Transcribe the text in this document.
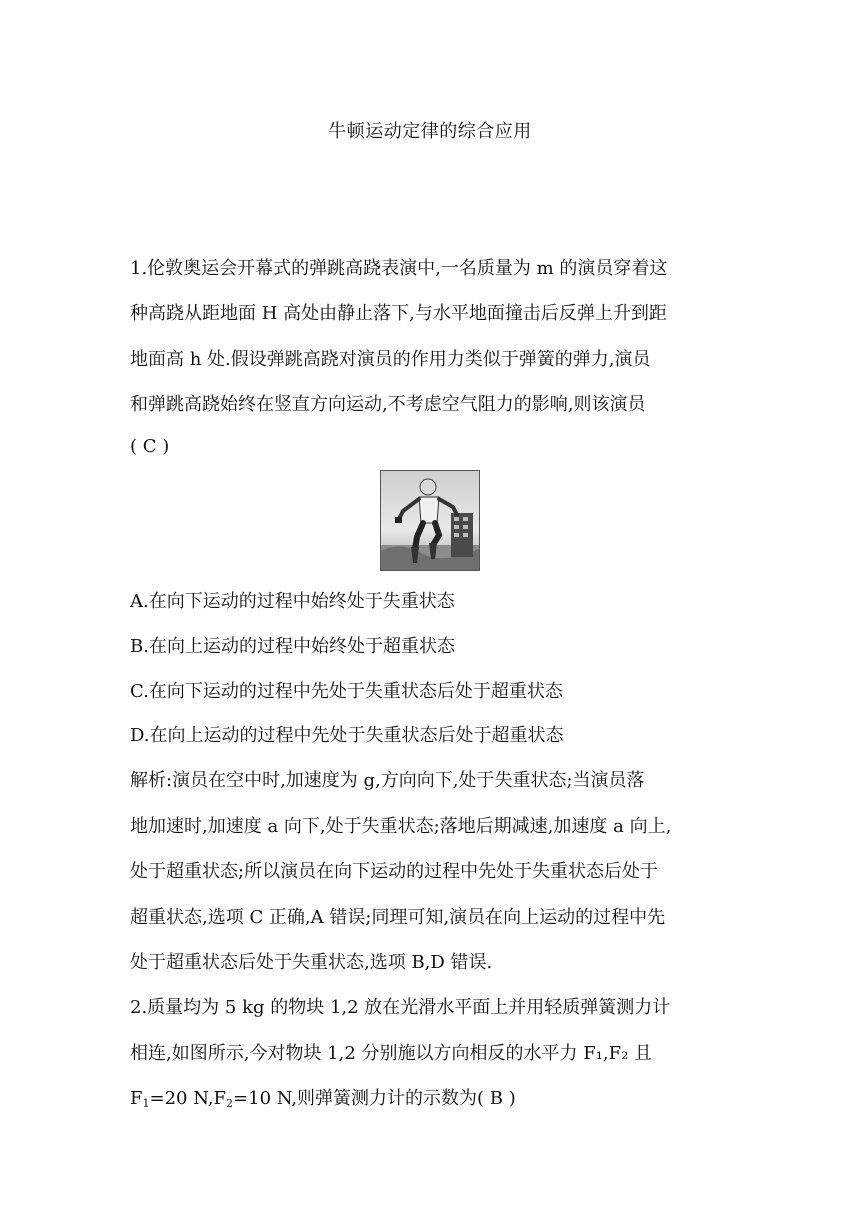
牛顿运动定律的综合应用
1.伦敦奥运会开幕式的弹跳高跷表演中,一名质量为 m 的演员穿着这
种高跷从距地面 H 高处由静止落下,与水平地面撞击后反弹上升到距
地面高 h 处.假设弹跳高跷对演员的作用力类似于弹簧的弹力,演员
和弹跳高跷始终在竖直方向运动,不考虑空气阻力的影响,则该演员
( C )
A.在向下运动的过程中始终处于失重状态
B.在向上运动的过程中始终处于超重状态
C.在向下运动的过程中先处于失重状态后处于超重状态
D.在向上运动的过程中先处于失重状态后处于超重状态
解析:演员在空中时,加速度为 g,方向向下,处于失重状态;当演员落
地加速时,加速度 a 向下,处于失重状态;落地后期减速,加速度 a 向上,
处于超重状态;所以演员在向下运动的过程中先处于失重状态后处于
超重状态,选项 C 正确,A 错误;同理可知,演员在向上运动的过程中先
处于超重状态后处于失重状态,选项 B,D 错误.
2.质量均为 5 kg 的物块 1,2 放在光滑水平面上并用轻质弹簧测力计
相连,如图所示,今对物块 1,2 分别施以方向相反的水平力 F₁,F₂ 且
$F_1=20$ $N,F_2=10$ N,则弹簧测力计的示数为( B )
